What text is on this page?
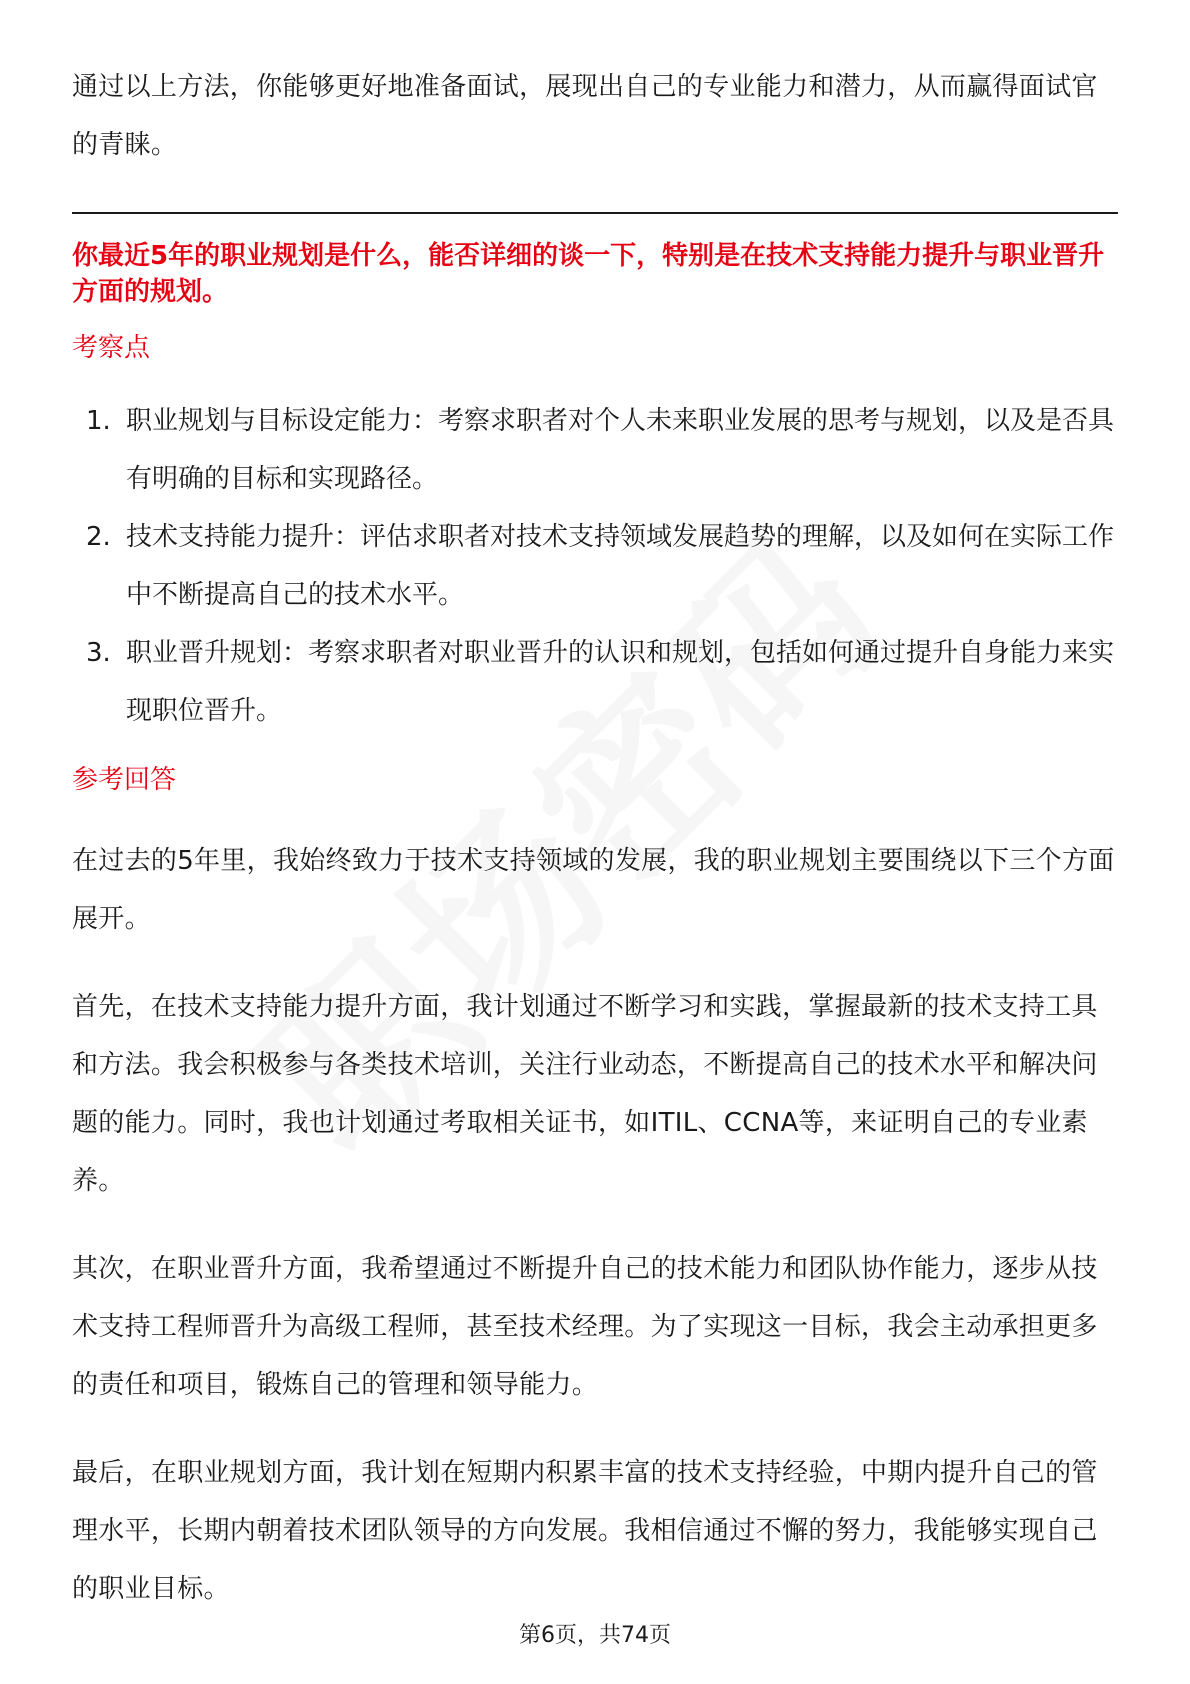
通过以上方法，你能够更好地准备面试，展现出自己的专业能力和潜力，从而赢得面试官的青睐。

你最近5年的职业规划是什么，能否详细的谈一下，特别是在技术支持能力提升与职业晋升方面的规划。

考察点

1. 职业规划与目标设定能力：考察求职者对个人未来职业发展的思考与规划，以及是否具有明确的目标和实现路径。
2. 技术支持能力提升：评估求职者对技术支持领域发展趋势的理解，以及如何在实际工作中不断提高自己的技术水平。
3. 职业晋升规划：考察求职者对职业晋升的认识和规划，包括如何通过提升自身能力来实现职位晋升。

参考回答

在过去的5年里，我始终致力于技术支持领域的发展，我的职业规划主要围绕以下三个方面展开。

首先，在技术支持能力提升方面，我计划通过不断学习和实践，掌握最新的技术支持工具和方法。我会积极参与各类技术培训，关注行业动态，不断提高自己的技术水平和解决问题的能力。同时，我也计划通过考取相关证书，如ITIL、CCNA等，来证明自己的专业素养。

其次，在职业晋升方面，我希望通过不断提升自己的技术能力和团队协作能力，逐步从技术支持工程师晋升为高级工程师，甚至技术经理。为了实现这一目标，我会主动承担更多的责任和项目，锻炼自己的管理和领导能力。

最后，在职业规划方面，我计划在短期内积累丰富的技术支持经验，中期内提升自己的管理水平，长期内朝着技术团队领导的方向发展。我相信通过不懈的努力，我能够实现自己的职业目标。

第6页，共74页
